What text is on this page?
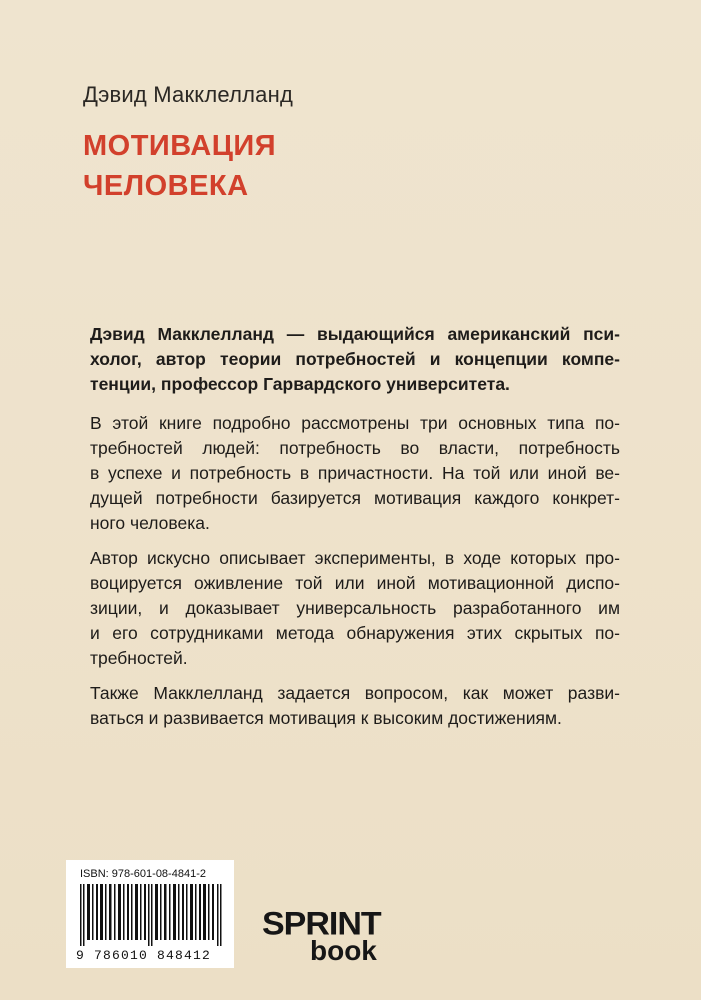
Дэвид Макклелланд
МОТИВАЦИЯ
ЧЕЛОВЕКА
Дэвид Макклелланд — выдающийся американский пси-
холог, автор теории потребностей и концепции компе-
тенции, профессор Гарвардского университета.
В этой книге подробно рассмотрены три основных типа по-
требностей людей: потребность во власти, потребность
в успехе и потребность в причастности. На той или иной ве-
дущей потребности базируется мотивация каждого конкрет-
ного человека.
Автор искусно описывает эксперименты, в ходе которых про-
воцируется оживление той или иной мотивационной диспо-
зиции, и доказывает универсальность разработанного им
и его сотрудниками метода обнаружения этих скрытых по-
требностей.
Также Макклелланд задается вопросом, как может разви-
ваться и развивается мотивация к высоким достижениям.
ISBN: 978-601-08-4841-2
9 786010 848412
SPRINT
book
